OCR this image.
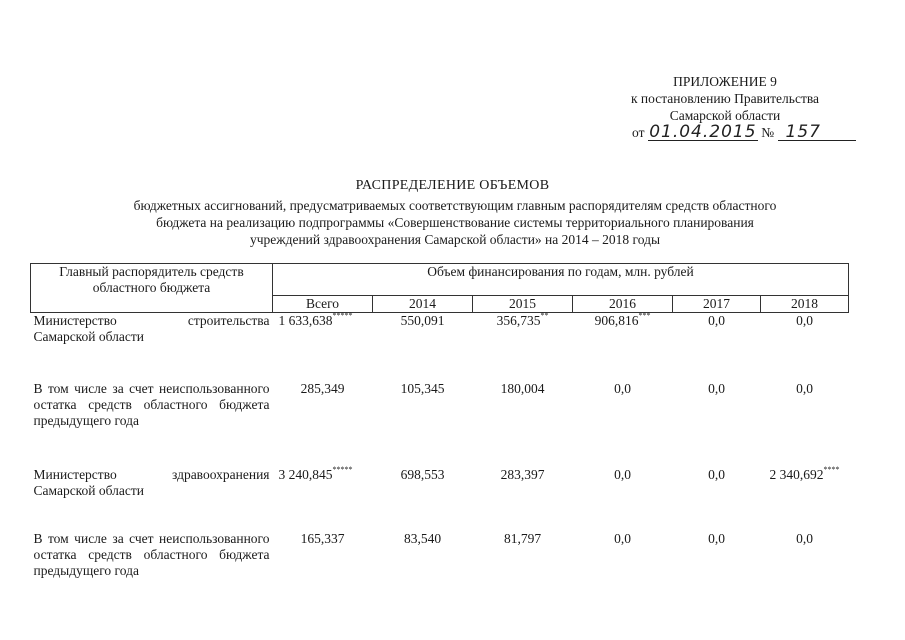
ПРИЛОЖЕНИЕ 9
к постановлению Правительства
Самарской области
от 01.04.2015 № 157
РАСПРЕДЕЛЕНИЕ ОБЪЕМОВ
бюджетных ассигнований, предусматриваемых соответствующим главным распорядителям средств областного
бюджета на реализацию подпрограммы «Совершенствование системы территориального планирования
учреждений здравоохранения Самарской области» на 2014 – 2018 годы
Главный распорядитель средств областного бюджета	Объем финансирования по годам, млн. рублей					
	Всего	2014	2015	2016	2017	2018
Министерство строительства
Самарской области	1 633,638*****	550,091	356,735**	906,816***	0,0	0,0
В том числе за счет неиспользованного остатка средств областного бюджета
предыдущего года	285,349	105,345	180,004	0,0	0,0	0,0
Министерство здравоохранения
Самарской области	3 240,845*****	698,553	283,397	0,0	0,0	2 340,692****
В том числе за счет неиспользованного остатка средств областного бюджета
предыдущего года	165,337	83,540	81,797	0,0	0,0	0,0
